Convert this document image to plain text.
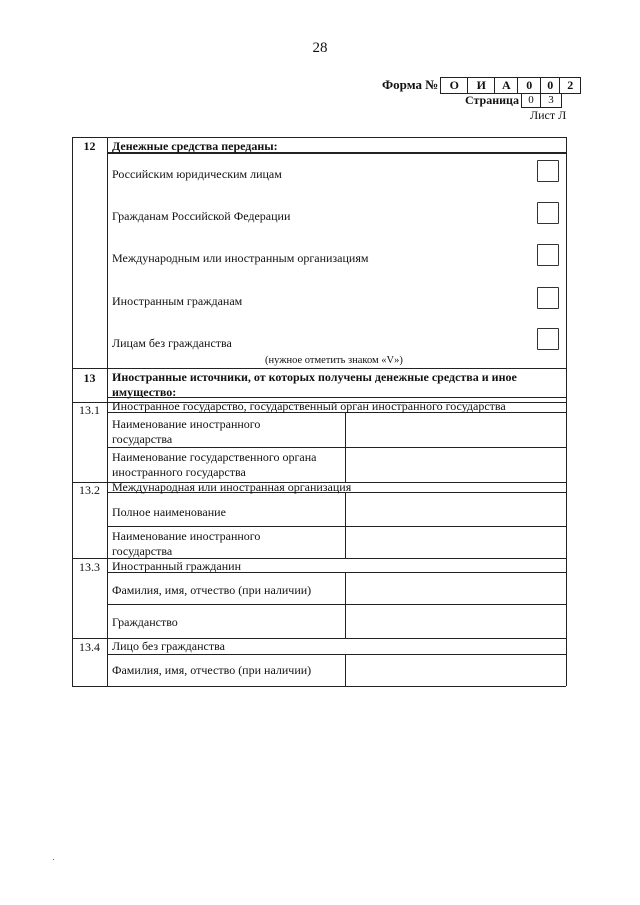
28
Форма № О	И	А	0	0	2
Страница 0	3
Лист Л
12	Денежные средства переданы:
Российским юридическим лицам
Гражданам Российской Федерации
Международным или иностранным организациям
Иностранным гражданам
Лицам без гражданства
(нужное отметить знаком «V»)
13	Иностранные источники, от которых получены денежные средства и иное
имущество:
13.1	Иностранное государство, государственный орган иностранного государства
Наименование иностранного
государства
Наименование государственного органа
иностранного государства
13.2	Международная или иностранная организация
Полное наименование
Наименование иностранного
государства
13.3	Иностранный гражданин
Фамилия, имя, отчество (при наличии)
Гражданство
13.4	Лицо без гражданства
Фамилия, имя, отчество (при наличии)
